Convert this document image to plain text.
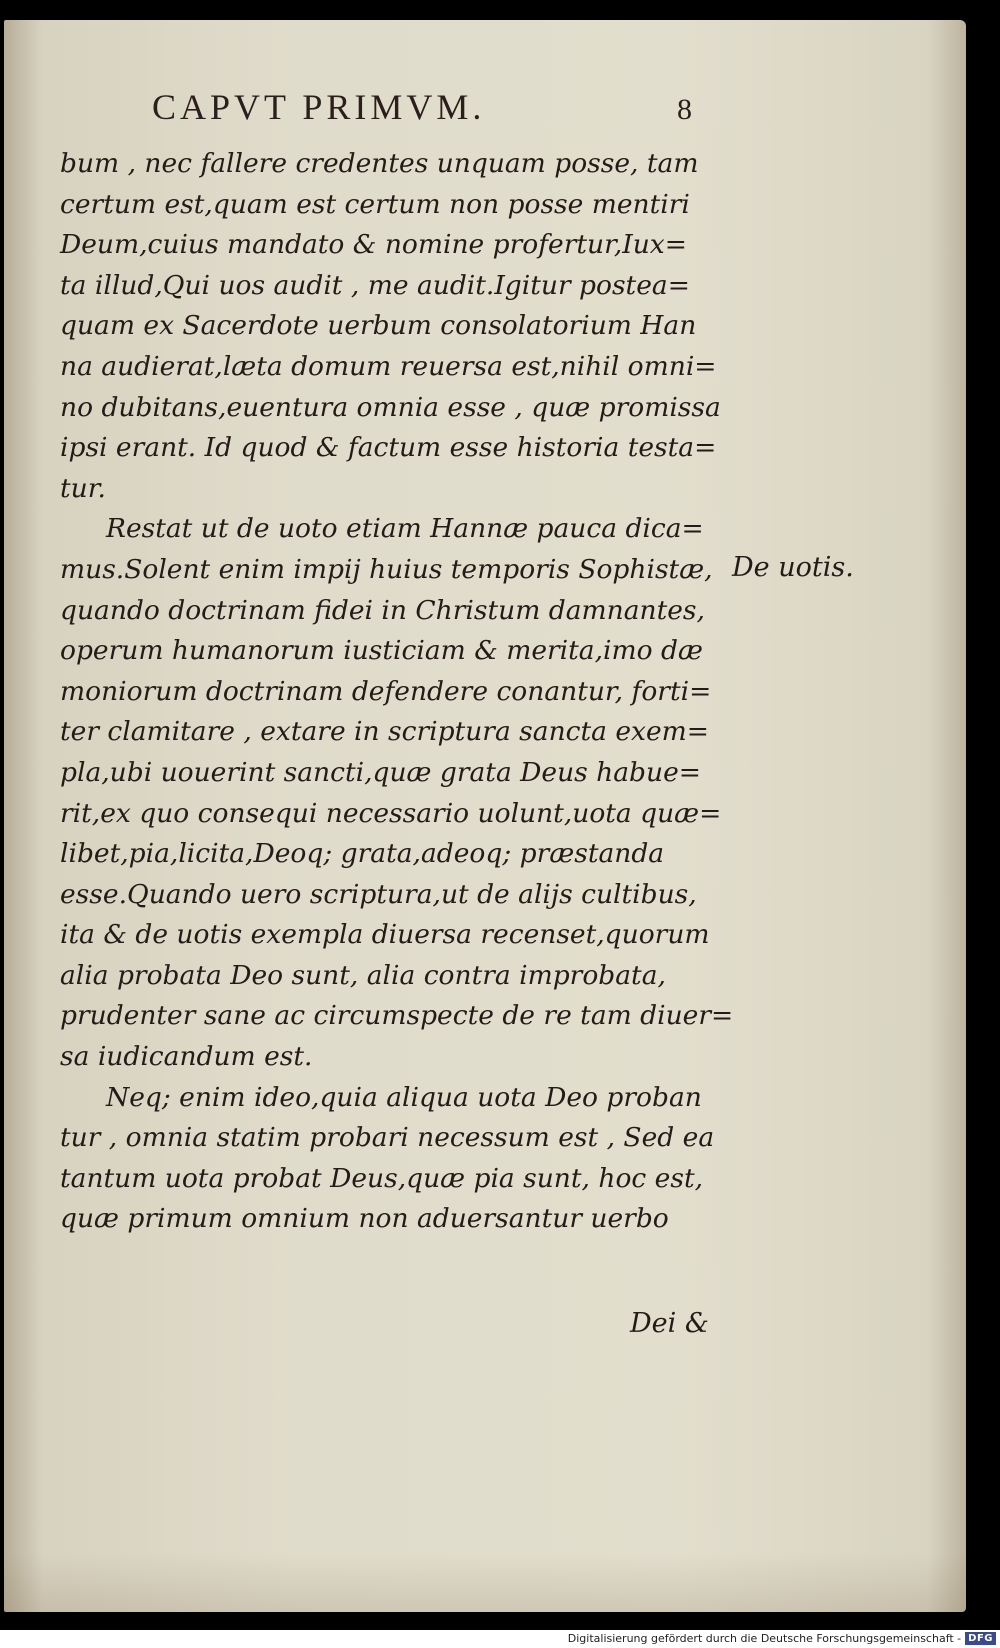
CAPVT PRIMVM.	8
bum , nec fallere credentes unquam posse, tam
certum est,quam est certum non posse mentiri
Deum,cuius mandato & nomine profertur,Iux=
ta illud,Qui uos audit , me audit.Igitur postea=
quam ex Sacerdote uerbum consolatorium Han
na audierat,læta domum reuersa est,nihil omni=
no dubitans,euentura omnia esse , quæ promissa
ipsi erant. Id quod & factum esse historia testa=
tur.
Restat ut de uoto etiam Hannæ pauca dica=
mus.Solent enim impij huius temporis Sophistæ,
quando doctrinam fidei in Christum damnantes,
operum humanorum iusticiam & merita,imo dæ
moniorum doctrinam defendere conantur, forti=
ter clamitare , extare in scriptura sancta exem=
pla,ubi uouerint sancti,quæ grata Deus habue=
rit,ex quo consequi necessario uolunt,uota quæ=
libet,pia,licita,Deoq; grata,adeoq; præstanda
esse.Quando uero scriptura,ut de alijs cultibus,
ita & de uotis exempla diuersa recenset,quorum
alia probata Deo sunt, alia contra improbata,
prudenter sane ac circumspecte de re tam diuer=
sa iudicandum est.
Neq; enim ideo,quia aliqua uota Deo proban
tur , omnia statim probari necessum est , Sed ea
tantum uota probat Deus,quæ pia sunt, hoc est,
quæ primum omnium non aduersantur uerbo
De uotis.
Dei &
Digitalisierung gefördert durch die Deutsche Forschungsgemeinschaft - DFG
